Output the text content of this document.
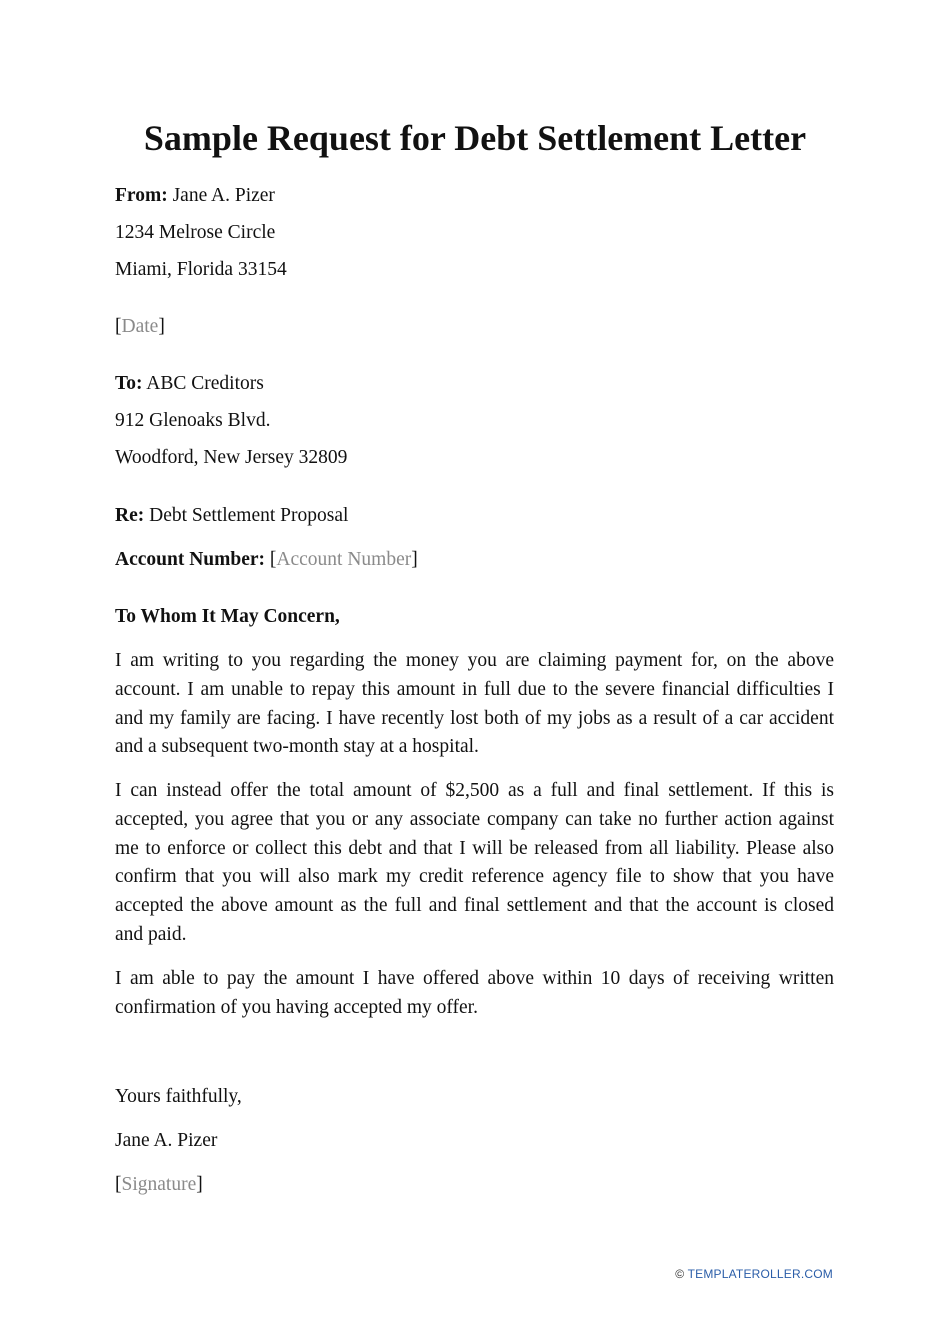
Sample Request for Debt Settlement Letter
From: Jane A. Pizer
1234 Melrose Circle
Miami, Florida 33154
[Date]
To: ABC Creditors
912 Glenoaks Blvd.
Woodford, New Jersey 32809
Re: Debt Settlement Proposal
Account Number: [Account Number]
To Whom It May Concern,
I am writing to you regarding the money you are claiming payment for, on the above account. I am unable to repay this amount in full due to the severe financial difficulties I and my family are facing. I have recently lost both of my jobs as a result of a car accident and a subsequent two-month stay at a hospital.
I can instead offer the total amount of $2,500 as a full and final settlement. If this is accepted, you agree that you or any associate company can take no further action against me to enforce or collect this debt and that I will be released from all liability. Please also confirm that you will also mark my credit reference agency file to show that you have accepted the above amount as the full and final settlement and that the account is closed and paid.
I am able to pay the amount I have offered above within 10 days of receiving written confirmation of you having accepted my offer.
Yours faithfully,
Jane A. Pizer
[Signature]
© TEMPLATEROLLER.COM
